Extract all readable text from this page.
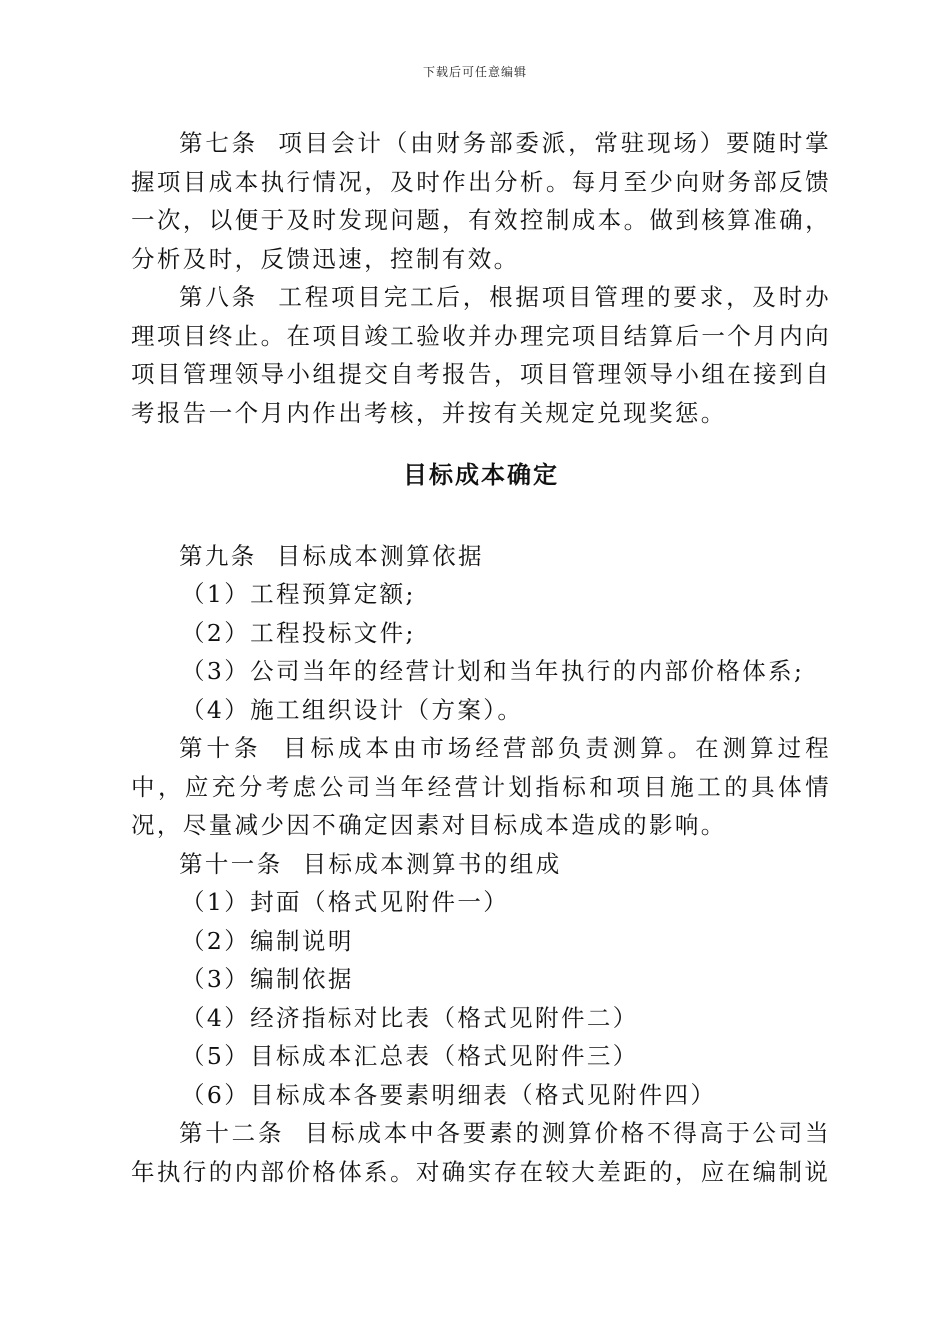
下载后可任意编辑

第七条 项目会计（由财务部委派，常驻现场）要随时掌握项目成本执行情况，及时作出分析。每月至少向财务部反馈一次，以便于及时发现问题，有效控制成本。做到核算准确，分析及时，反馈迅速，控制有效。

第八条 工程项目完工后，根据项目管理的要求，及时办理项目终止。在项目竣工验收并办理完项目结算后一个月内向项目管理领导小组提交自考报告，项目管理领导小组在接到自考报告一个月内作出考核，并按有关规定兑现奖惩。

目标成本确定

第九条 目标成本测算依据

（1）工程预算定额;
（2）工程投标文件;
（3）公司当年的经营计划和当年执行的内部价格体系;
（4）施工组织设计（方案）。

第十条 目标成本由市场经营部负责测算。在测算过程中，应充分考虑公司当年经营计划指标和项目施工的具体情况，尽量减少因不确定因素对目标成本造成的影响。

第十一条 目标成本测算书的组成

（1）封面（格式见附件一）
（2）编制说明
（3）编制依据
（4）经济指标对比表（格式见附件二）
（5）目标成本汇总表（格式见附件三）
（6）目标成本各要素明细表（格式见附件四）

第十二条 目标成本中各要素的测算价格不得高于公司当年执行的内部价格体系。对确实存在较大差距的，应在编制说
